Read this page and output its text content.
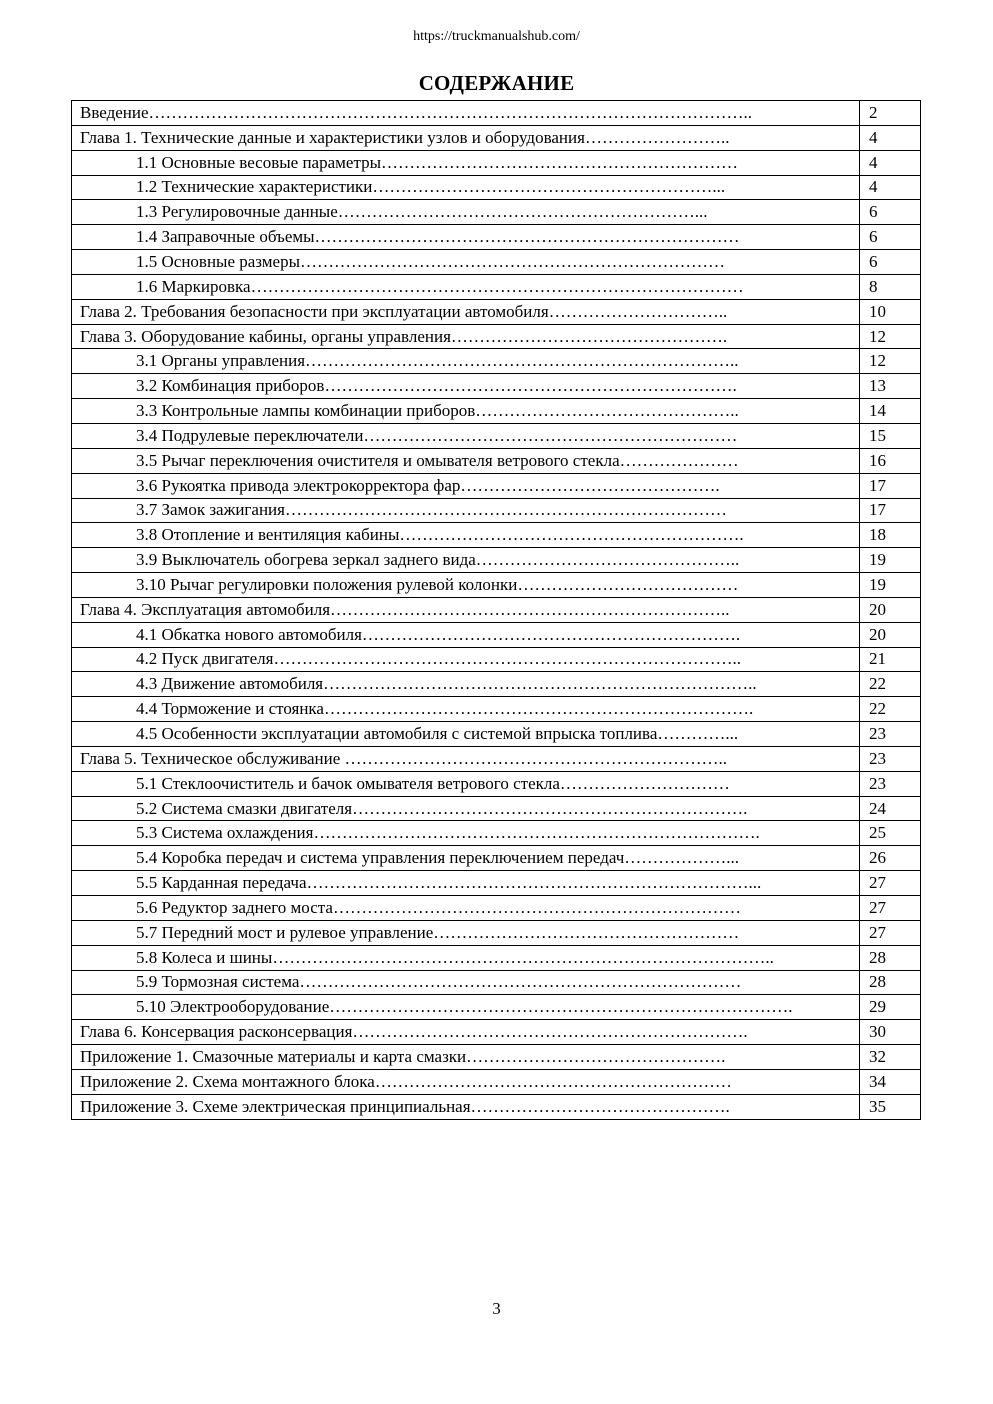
https://truckmanualshub.com/
СОДЕРЖАНИЕ
Введение……………………………………………………………………………………………..	2
Глава 1. Технические данные и характеристики узлов и оборудования……………………..	4
1.1 Основные весовые параметры………………………………………………………	4
1.2 Технические характеристики……………………………………………………...	4
1.3 Регулировочные данные………………………………………………………...	6
1.4 Заправочные объемы…………………………………………………………………	6
1.5 Основные размеры…………………………………………………………………	6
1.6 Маркировка……………………………………………………………………………	8
Глава 2. Требования безопасности при эксплуатации автомобиля…………………………..	10
Глава 3. Оборудование кабины, органы управления………………………………………….	12
3.1 Органы управления…………………………………………………………………..	12
3.2 Комбинация приборов……………………………………………………………….	13
3.3 Контрольные лампы комбинации приборов………………………………………..	14
3.4 Подрулевые переключатели…………………………………………………………	15
3.5 Рычаг переключения очистителя и омывателя ветрового стекла…………………	16
3.6 Рукоятка привода электрокорректора фар……………………………………….	17
3.7 Замок зажигания……………………………………………………………………	17
3.8 Отопление и вентиляция кабины…………………………………………………….	18
3.9 Выключатель обогрева зеркал заднего вида………………………………………..	19
3.10 Рычаг регулировки положения рулевой колонки…………………………………	19
Глава 4. Эксплуатация автомобиля……………………………………………………………..	20
4.1 Обкатка нового автомобиля………………………………………………………….	20
4.2 Пуск двигателя………………………………………………………………………..	21
4.3 Движение автомобиля…………………………………………………………………..	22
4.4 Торможение и стоянка………………………………………………………………….	22
4.5 Особенности эксплуатации автомобиля с системой впрыска топлива…………...	23
Глава 5. Техническое обслуживание …………………………………………………………..	23
5.1 Стеклоочиститель и бачок омывателя ветрового стекла…………………………	23
5.2 Система смазки двигателя…………………………………………………………….	24
5.3 Система охлаждения…………………………………………………………………….	25
5.4 Коробка передач и система управления переключением передач………………...	26
5.5 Карданная передача……………………………………………………………………...	27
5.6 Редуктор заднего моста………………………………………………………………	27
5.7 Передний мост и рулевое управление………………………………………………	27
5.8 Колеса и шины……………………………………………………………………………..	28
5.9 Тормозная система……………………………………………………………………	28
5.10 Электрооборудование……………………………………………………………………….	29
Глава 6. Консервация расконсервация…………………………………………………………….	30
Приложение 1. Смазочные материалы и карта смазки……………………………………….	32
Приложение 2. Схема монтажного блока………………………………………………………	34
Приложение 3. Схеме электрическая принципиальная……………………………………….	35
3
